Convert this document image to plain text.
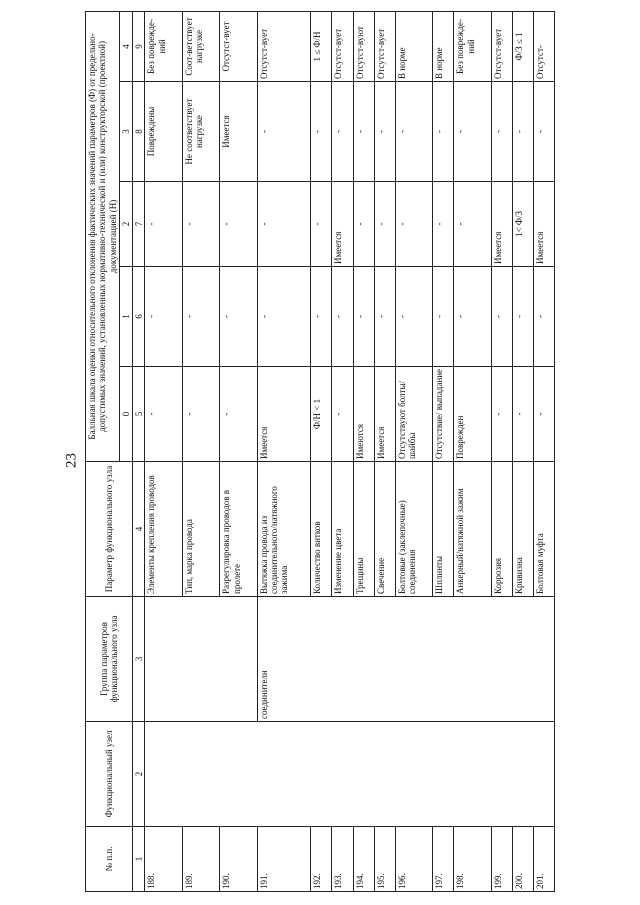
23
№ п.п.	Функциональный узел	Группа параметров функционального узла	Параметр функционального узла	Балльная шкала оценки относительного отклонения фактических значений параметров (Ф) от предельно-допустимых значений, установленных нормативно-технической и (или) конструкторской (проектной) документацией (Н)				
				0	1	2	3	4
1	2	3	4	5	6	7	8	9
188.			Элементы крепления проводов	-	-	-	Повреждены	Без поврежде-ний
189.			Тип, марка провода	-	-	-	Не соответствует нагрузке	Соот-ветствует нагрузке
190.			Разрегулировка проводов в пролете	-	-	-	Имеется	Отсутст-вует
191.		соединители	Вытяжка провода из соединительного/натяжного зажима	Имеется	-	-	-	Отсутст-вует
192.			Количество витков	Ф/Н < 1	-	-	-	1 ≤ Ф/Н
193.			Изменение цвета	-	-	Имеется	-	Отсутст-вует
194.			Трещины	Имеются	-	-	-	Отсутст-вуют
195.			Свечение	Имеется	-	-	-	Отсутст-вует
196.			Болтовые (заклепочные) соединения	Отсутствуют болты/шайбы	-	-	-	В норме
197.			Шплинты	Отсутствие/ выпадание	-	-	-	В норме
198.			Анкерный/натяжной зажим	Поврежден	-	-	-	Без поврежде-ний
199.			Коррозия	-	-	Имеется	-	Отсутст-вует
200.			Кривизна	-	-	1< Ф/З	-	Ф/З ≤ 1
201.			Болтовая муфта	-	-	Имеется	-	Отсутст-
